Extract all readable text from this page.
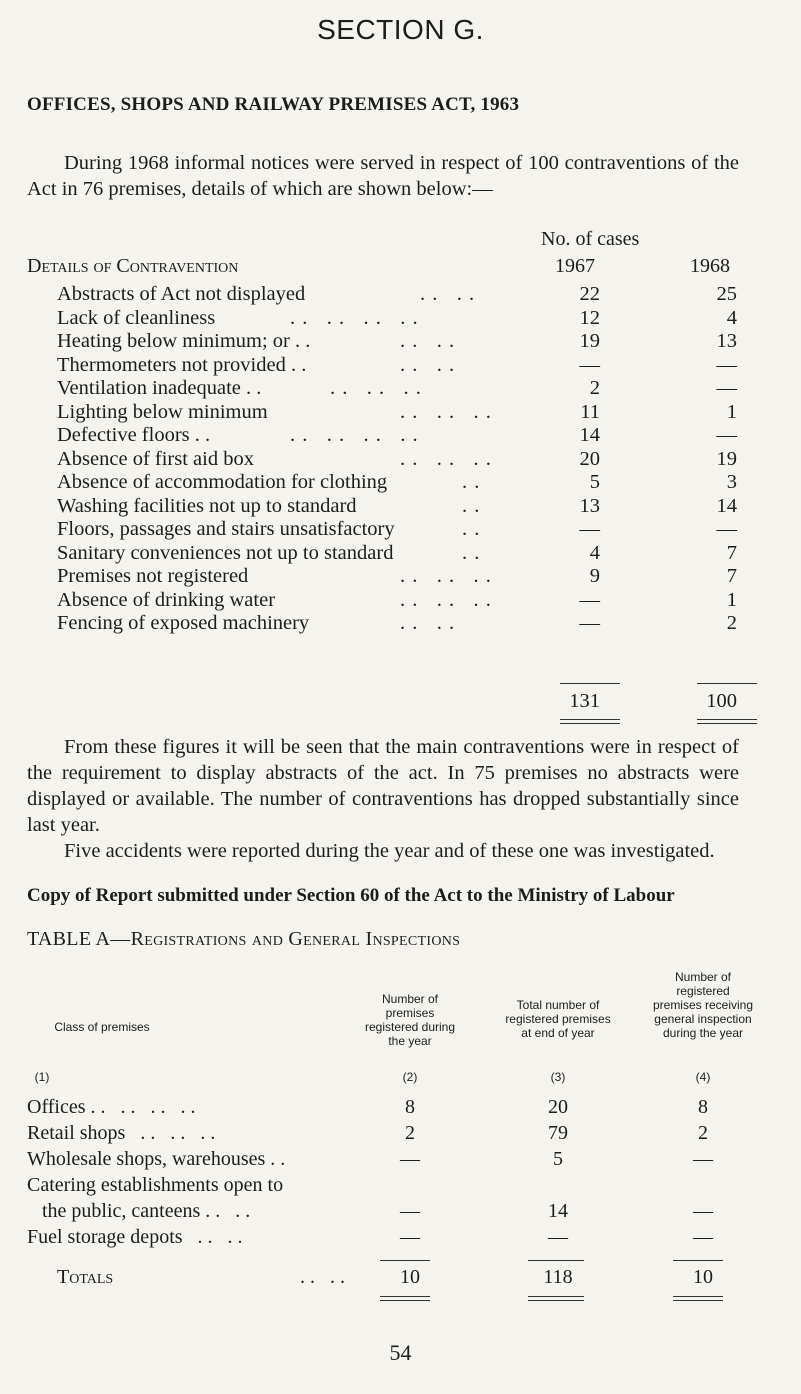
SECTION G.
OFFICES, SHOPS AND RAILWAY PREMISES ACT, 1963
During 1968 informal notices were served in respect of 100 contraventions of the Act in 76 premises, details of which are shown below:—
No. of cases
Details of Contravention	1967	1968
Abstracts of Act not displayed	. .   . .	22	25
Lack of cleanliness	. .   . .   . .   . .	12	4
Heating below minimum; or . .	. .   . .	19	13
Thermometers not provided . .	. .   . .	—	—
Ventilation inadequate . .	. .   . .   . .	2	—
Lighting below minimum	. .   . .   . .	11	1
Defective floors . .	. .   . .   . .   . .	14	—
Absence of first aid box	. .   . .   . .	20	19
Absence of accommodation for clothing	. .	5	3
Washing facilities not up to standard	. .	13	14
Floors, passages and stairs unsatisfactory	. .	—	—
Sanitary conveniences not up to standard	. .	4	7
Premises not registered	. .   . .   . .	9	7
Absence of drinking water	. .   . .   . .	—	1
Fencing of exposed machinery	. .   . .	—	2
131	100
From these figures it will be seen that the main contraventions were in respect of the requirement to display abstracts of the act. In 75 premises no abstracts were displayed or available. The number of contraventions has dropped substantially since last year.
Five accidents were reported during the year and of these one was investigated.
Copy of Report submitted under Section 60 of the Act to the Ministry of Labour
TABLE A—Registrations and General Inspections
Class of premises
Number of premises registered during the year
Total number of registered premises at end of year
Number of registered premises receiving general inspection during the year
(1)	(2)	(3)	(4)
Offices . .   . .   . .   . .	8	20	8
Retail shops   . .   . .   . .	2	79	2
Wholesale shops, warehouses . .	—	5	—
Catering establishments open to
the public, canteens . .   . .	—	14	—
Fuel storage depots   . .   . .	—	—	—
Totals	. .   . .	10	118	10
54
